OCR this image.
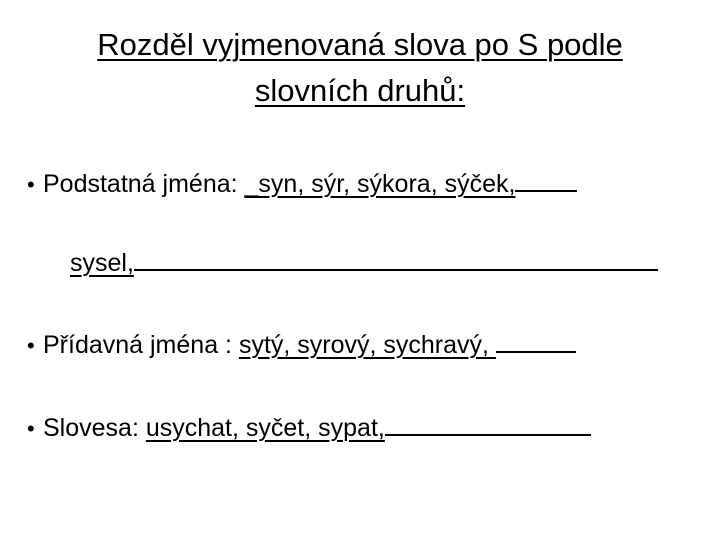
Rozděl vyjmenovaná slova po S podle
slovních druhů:
• Podstatná jména: _syn, sýr, sýkora, sýček,
sysel,
• Přídavná jména : sytý, syrový, sychravý,
• Slovesa: usychat, syčet, sypat,
